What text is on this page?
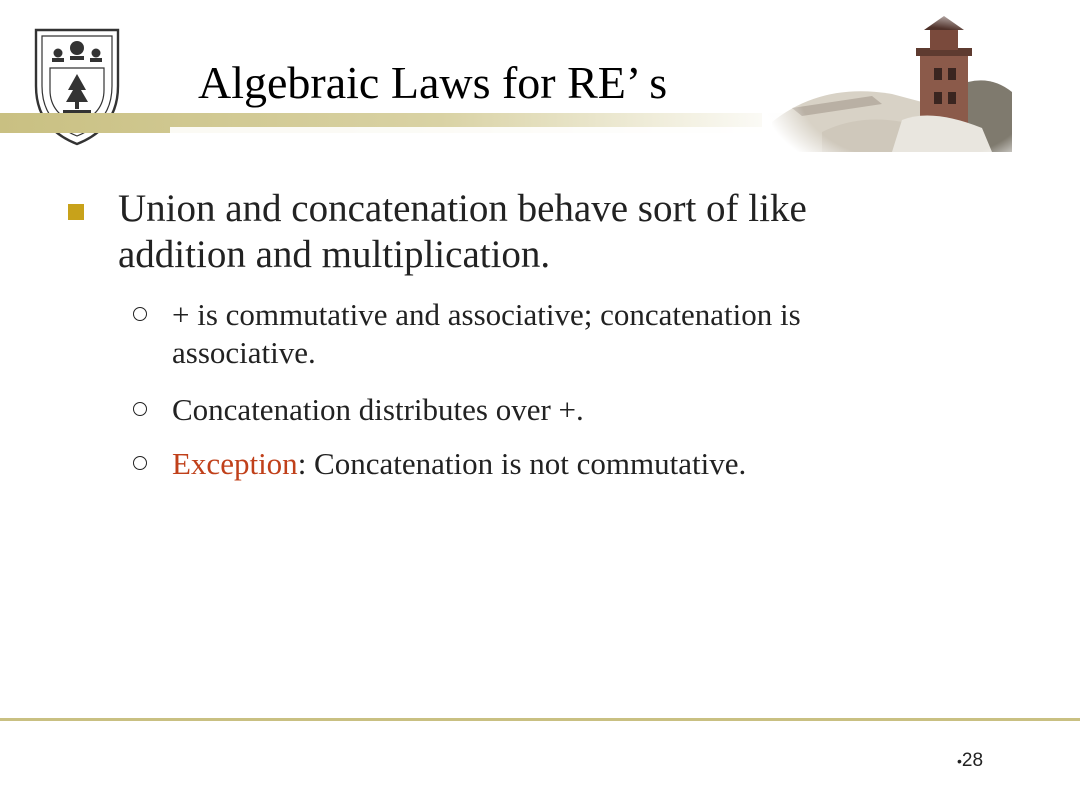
Algebraic Laws for RE’ s
Union and concatenation behave sort of like addition and multiplication.
+ is commutative and associative; concatenation is associative.
Concatenation distributes over +.
Exception: Concatenation is not commutative.
•28
